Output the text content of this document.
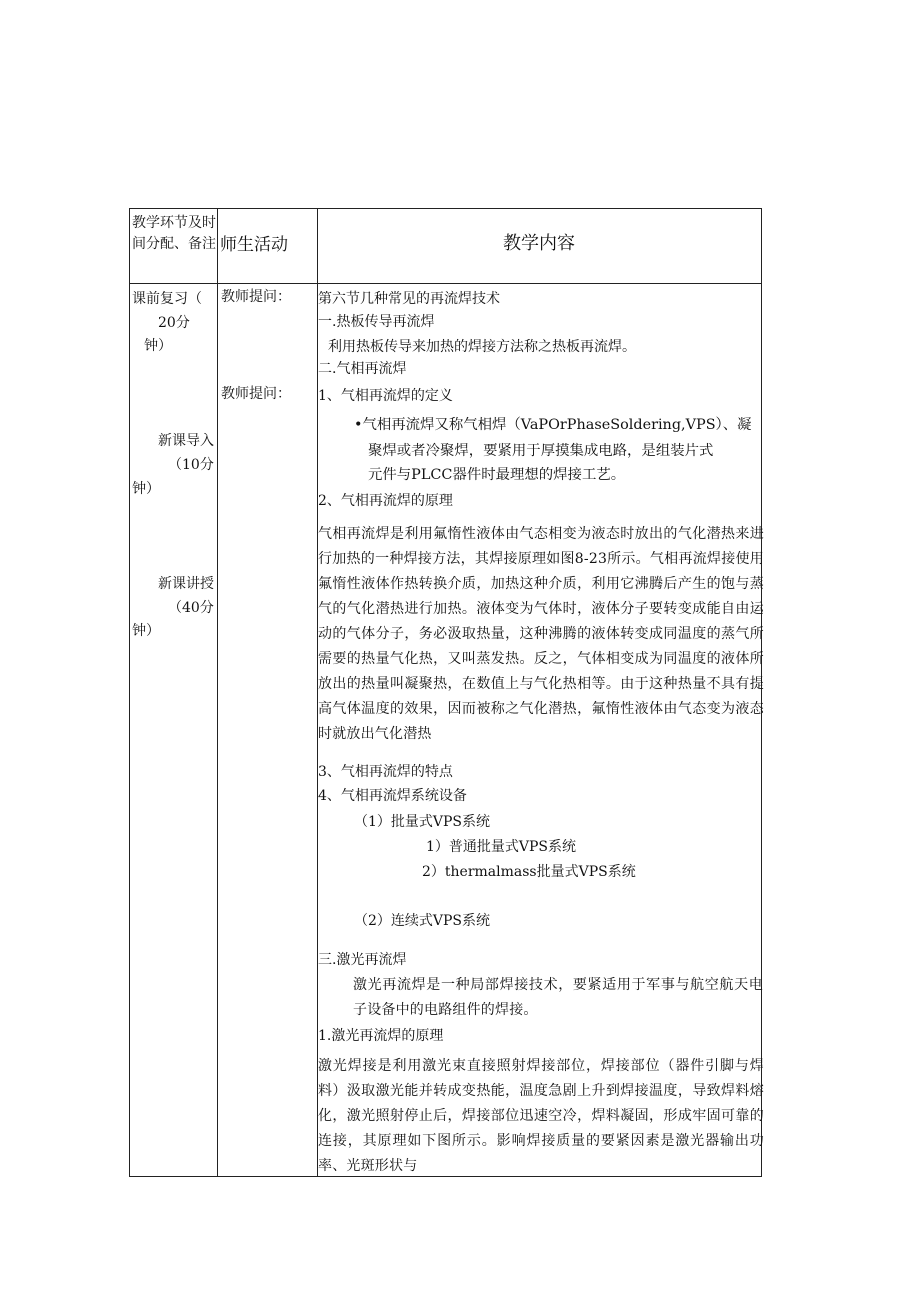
教学环节及时间分配、备注 师生活动	教学内容
课前复习（
20分
钟）
新课导入
（10分
钟）
新课讲授
（40分
钟）
教师提问：
教师提问：
第六节几种常见的再流焊技术
一.热板传导再流焊
利用热板传导来加热的焊接方法称之热板再流焊。
二.气相再流焊
1、气相再流焊的定义
•气相再流焊又称气相焊（VaPOrPhaseSoldering,VPS）、凝
聚焊或者冷聚焊，要紧用于厚摸集成电路，是组装片式
元件与PLCC器件时最理想的焊接工艺。
2、气相再流焊的原理
气相再流焊是利用氟惰性液体由气态相变为液态时放出的气化潜热来进行加热的一种焊接方法，其焊接原理如图8-23所示。气相再流焊接使用氟惰性液体作热转换介质，加热这种介质，利用它沸腾后产生的饱与蒸气的气化潜热进行加热。液体变为气体时，液体分子要转变成能自由运动的气体分子，务必汲取热量，这种沸腾的液体转变成同温度的蒸气所需要的热量气化热，又叫蒸发热。反之，气体相变成为同温度的液体所放出的热量叫凝聚热，在数值上与气化热相等。由于这种热量不具有提高气体温度的效果，因而被称之气化潜热，氟惰性液体由气态变为液态时就放出气化潜热
3、气相再流焊的特点
4、气相再流焊系统设备
（1）批量式VPS系统
1）普通批量式VPS系统
2）thermalmass批量式VPS系统
（2）连续式VPS系统
三.激光再流焊
激光再流焊是一种局部焊接技术，要紧适用于军事与航空航天电子设备中的电路组件的焊接。
1.激光再流焊的原理
激光焊接是利用激光束直接照射焊接部位，焊接部位（器件引脚与焊料）汲取激光能并转成变热能，温度急剧上升到焊接温度，导致焊料熔化，激光照射停止后，焊接部位迅速空冷，焊料凝固，形成牢固可靠的连接，其原理如下图所示。影响焊接质量的要紧因素是激光器输出功率、光斑形状与
